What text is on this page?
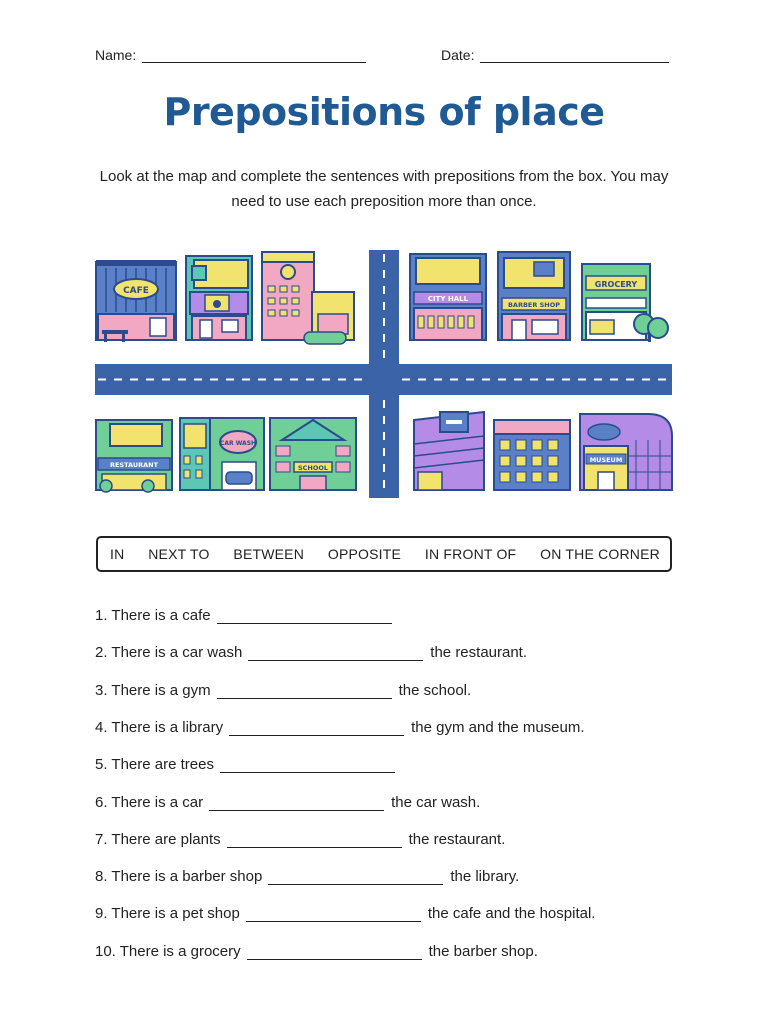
Name:	Date:
Prepositions of place
Look at the map and complete the sentences with prepositions from the box. You may need to use each preposition more than once.
CAFE
CITY HALL
BARBER SHOP
GROCERY
RESTAURANT
CAR WASH
SCHOOL
MUSEUM
IN NEXT TO BETWEEN OPPOSITE IN FRONT OF ON THE CORNER
1. There is a cafe
2. There is a car wash	the restaurant.
3. There is a gym	the school.
4. There is a library	the gym and the museum.
5. There are trees
6. There is a car	the car wash.
7. There are plants	the restaurant.
8. There is a barber shop	the library.
9. There is a pet shop	the cafe and the hospital.
10. There is a grocery	the barber shop.
